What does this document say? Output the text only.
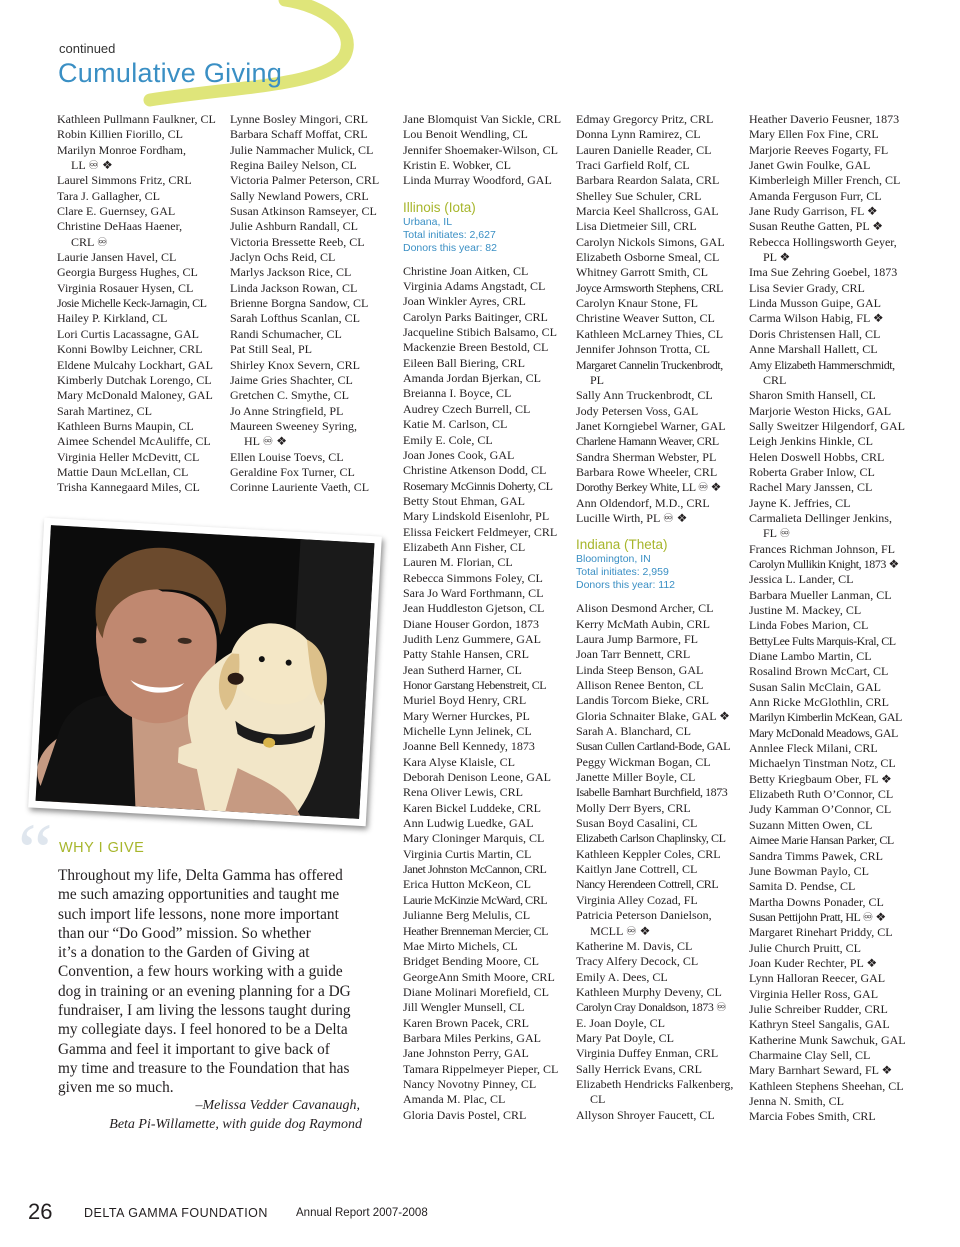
continued
Cumulative Giving
Kathleen Pullmann Faulkner, CL
Robin Killien Fiorillo, CL
Marilyn Monroe Fordham,
LL ♾ ❖
Laurel Simmons Fritz, CRL
Tara J. Gallagher, CL
Clare E. Guernsey, GAL
Christine DeHaas Haener,
CRL ♾
Laurie Jansen Havel, CL
Georgia Burgess Hughes, CL
Virginia Rosauer Hysen, CL
Josie Michelle Keck-Jarnagin, CL
Hailey P. Kirkland, CL
Lori Curtis Lacassagne, GAL
Konni Bowlby Leichner, CRL
Eldene Mulcahy Lockhart, GAL
Kimberly Dutchak Lorengo, CL
Mary McDonald Maloney, GAL
Sarah Martinez, CL
Kathleen Burns Maupin, CL
Aimee Schendel McAuliffe, CL
Virginia Heller McDevitt, CL
Mattie Daun McLellan, CL
Trisha Kannegaard Miles, CL
Lynne Bosley Mingori, CRL
Barbara Schaff Moffat, CRL
Julie Nammacher Mulick, CL
Regina Bailey Nelson, CL
Victoria Palmer Peterson, CRL
Sally Newland Powers, CRL
Susan Atkinson Ramseyer, CL
Julie Ashburn Randall, CL
Victoria Bressette Reeb, CL
Jaclyn Ochs Reid, CL
Marlys Jackson Rice, CL
Linda Jackson Rowan, CL
Brienne Borgna Sandow, CL
Sarah Lofthus Scanlan, CL
Randi Schumacher, CL
Pat Still Seal, PL
Shirley Knox Severn, CRL
Jaime Gries Shachter, CL
Gretchen C. Smythe, CL
Jo Anne Stringfield, PL
Maureen Sweeney Syring,
HL ♾ ❖
Ellen Louise Toevs, CL
Geraldine Fox Turner, CL
Corinne Lauriente Vaeth, CL
Jane Blomquist Van Sickle, CRL
Lou Benoit Wendling, CL
Jennifer Shoemaker-Wilson, CL
Kristin E. Wobker, CL
Linda Murray Woodford, GAL
Illinois (Iota)
Urbana, IL
Total initiates: 2,627
Donors this year: 82
Christine Joan Aitken, CL
Virginia Adams Angstadt, CL
Joan Winkler Ayres, CRL
Carolyn Parks Baitinger, CRL
Jacqueline Stibich Balsamo, CL
Mackenzie Breen Bestold, CL
Eileen Ball Biering, CRL
Amanda Jordan Bjerkan, CL
Breianna I. Boyce, CL
Audrey Czech Burrell, CL
Katie M. Carlson, CL
Emily E. Cole, CL
Joan Jones Cook, GAL
Christine Atkenson Dodd, CL
Rosemary McGinnis Doherty, CL
Betty Stout Ehman, GAL
Mary Lindskold Eisenlohr, PL
Elissa Feickert Feldmeyer, CRL
Elizabeth Ann Fisher, CL
Lauren M. Florian, CL
Rebecca Simmons Foley, CL
Sara Jo Ward Forthmann, CL
Jean Huddleston Gjetson, CL
Diane Houser Gordon, 1873
Judith Lenz Gummere, GAL
Patty Stahle Hansen, CRL
Jean Sutherd Harner, CL
Honor Garstang Hebenstreit, CL
Muriel Boyd Henry, CRL
Mary Werner Hurckes, PL
Michelle Lynn Jelinek, CL
Joanne Bell Kennedy, 1873
Kara Alyse Klaisle, CL
Deborah Denison Leone, GAL
Rena Oliver Lewis, CRL
Karen Bickel Luddeke, CRL
Ann Ludwig Luedke, GAL
Mary Cloninger Marquis, CL
Virginia Curtis Martin, CL
Janet Johnston McCannon, CRL
Erica Hutton McKeon, CL
Laurie McKinzie McWard, CRL
Julianne Berg Melulis, CL
Heather Brenneman Mercier, CL
Mae Mirto Michels, CL
Bridget Bending Moore, CL
GeorgeAnn Smith Moore, CRL
Diane Molinari Morefield, CL
Jill Wengler Munsell, CL
Karen Brown Pacek, CRL
Barbara Miles Perkins, GAL
Jane Johnston Perry, GAL
Tamara Rippelmeyer Pieper, CL
Nancy Novotny Pinney, CL
Amanda M. Plac, CL
Gloria Davis Postel, CRL
Edmay Gregorcy Pritz, CRL
Donna Lynn Ramirez, CL
Lauren Danielle Reader, CL
Traci Garfield Rolf, CL
Barbara Reardon Salata, CRL
Shelley Sue Schuler, CRL
Marcia Keel Shallcross, GAL
Lisa Dietmeier Sill, CRL
Carolyn Nickols Simons, GAL
Elizabeth Osborne Smeal, CL
Whitney Garrott Smith, CL
Joyce Armsworth Stephens, CRL
Carolyn Knaur Stone, FL
Christine Weaver Sutton, CL
Kathleen McLarney Thies, CL
Jennifer Johnson Trotta, CL
Margaret Cannelin Truckenbrodt,
PL
Sally Ann Truckenbrodt, CL
Jody Petersen Voss, GAL
Janet Korngiebel Warner, GAL
Charlene Hamann Weaver, CRL
Sandra Sherman Webster, PL
Barbara Rowe Wheeler, CRL
Dorothy Berkey White, LL ♾ ❖
Ann Oldendorf, M.D., CRL
Lucille Wirth, PL ♾ ❖
Indiana (Theta)
Bloomington, IN
Total initiates: 2,959
Donors this year: 112
Alison Desmond Archer, CL
Kerry McMath Aubin, CRL
Laura Jump Barmore, FL
Joan Tarr Bennett, CRL
Linda Steep Benson, GAL
Allison Renee Benton, CL
Landis Torcom Bieke, CRL
Gloria Schnaiter Blake, GAL ❖
Sarah A. Blanchard, CL
Susan Cullen Cartland-Bode, GAL
Peggy Wickman Bogan, CL
Janette Miller Boyle, CL
Isabelle Barnhart Burchfield, 1873
Molly Derr Byers, CRL
Susan Boyd Casalini, CL
Elizabeth Carlson Chaplinsky, CL
Kathleen Keppler Coles, CRL
Kaitlyn Jane Cottrell, CL
Nancy Herendeen Cottrell, CRL
Virginia Alley Cozad, FL
Patricia Peterson Danielson,
MCLL ♾ ❖
Katherine M. Davis, CL
Tracy Alfery Decock, CL
Emily A. Dees, CL
Kathleen Murphy Deveny, CL
Carolyn Cray Donaldson, 1873 ♾
E. Joan Doyle, CL
Mary Pat Doyle, CL
Virginia Duffey Enman, CRL
Sally Herrick Evans, CRL
Elizabeth Hendricks Falkenberg,
CL
Allyson Shroyer Faucett, CL
Heather Daverio Feusner, 1873
Mary Ellen Fox Fine, CRL
Marjorie Reeves Fogarty, FL
Janet Gwin Foulke, GAL
Kimberleigh Miller French, CL
Amanda Ferguson Furr, CL
Jane Rudy Garrison, FL ❖
Susan Reuthe Gatten, PL ❖
Rebecca Hollingsworth Geyer,
PL ❖
Ima Sue Zehring Goebel, 1873
Lisa Sevier Grady, CRL
Linda Musson Guipe, GAL
Carma Wilson Habig, FL ❖
Doris Christensen Hall, CL
Anne Marshall Hallett, CL
Amy Elizabeth Hammerschmidt,
CRL
Sharon Smith Hansell, CL
Marjorie Weston Hicks, GAL
Sally Sweitzer Hilgendorf, GAL
Leigh Jenkins Hinkle, CL
Helen Doswell Hobbs, CRL
Roberta Graber Inlow, CL
Rachel Mary Janssen, CL
Jayne K. Jeffries, CL
Carmalieta Dellinger Jenkins,
FL ♾
Frances Richman Johnson, FL
Carolyn Mullikin Knight, 1873 ❖
Jessica L. Lander, CL
Barbara Mueller Lanman, CL
Justine M. Mackey, CL
Linda Fobes Marion, CL
BettyLee Fults Marquis-Kral, CL
Diane Lambo Martin, CL
Rosalind Brown McCart, CL
Susan Salin McClain, GAL
Ann Ricke McGlothlin, CRL
Marilyn Kimberlin McKean, GAL
Mary McDonald Meadows, GAL
Annlee Fleck Milani, CRL
Michaelyn Tinstman Notz, CL
Betty Kriegbaum Ober, FL ❖
Elizabeth Ruth O’Connor, CL
Judy Kamman O’Connor, CL
Suzann Mitten Owen, CL
Aimee Marie Hansan Parker, CL
Sandra Timms Pawek, CRL
June Bowman Paylo, CL
Samita D. Pendse, CL
Martha Downs Ponader, CL
Susan Pettijohn Pratt, HL ♾ ❖
Margaret Rinehart Priddy, CL
Julie Church Pruitt, CL
Joan Kuder Rechter, PL ❖
Lynn Halloran Reecer, GAL
Virginia Heller Ross, GAL
Julie Schreiber Rudder, CRL
Kathryn Steel Sangalis, GAL
Katherine Munk Sawchuk, GAL
Charmaine Clay Sell, CL
Mary Barnhart Seward, FL ❖
Kathleen Stephens Sheehan, CL
Jenna N. Smith, CL
Marcia Fobes Smith, CRL
“ WHY I GIVE
Throughout my life, Delta Gamma has offered
me such amazing opportunities and taught me
such import life lessons, none more important
than our “Do Good” mission. So whether
it’s a donation to the Garden of Giving at
Convention, a few hours working with a guide
dog in training or an evening planning for a DG
fundraiser, I am living the lessons taught during
my collegiate days. I feel honored to be a Delta
Gamma and feel it important to give back of
my time and treasure to the Foundation that has
given me so much.
–Melissa Vedder Cavanaugh,
Beta Pi-Willamette, with guide dog Raymond
26	DELTA GAMMA FOUNDATION Annual Report 2007-2008
